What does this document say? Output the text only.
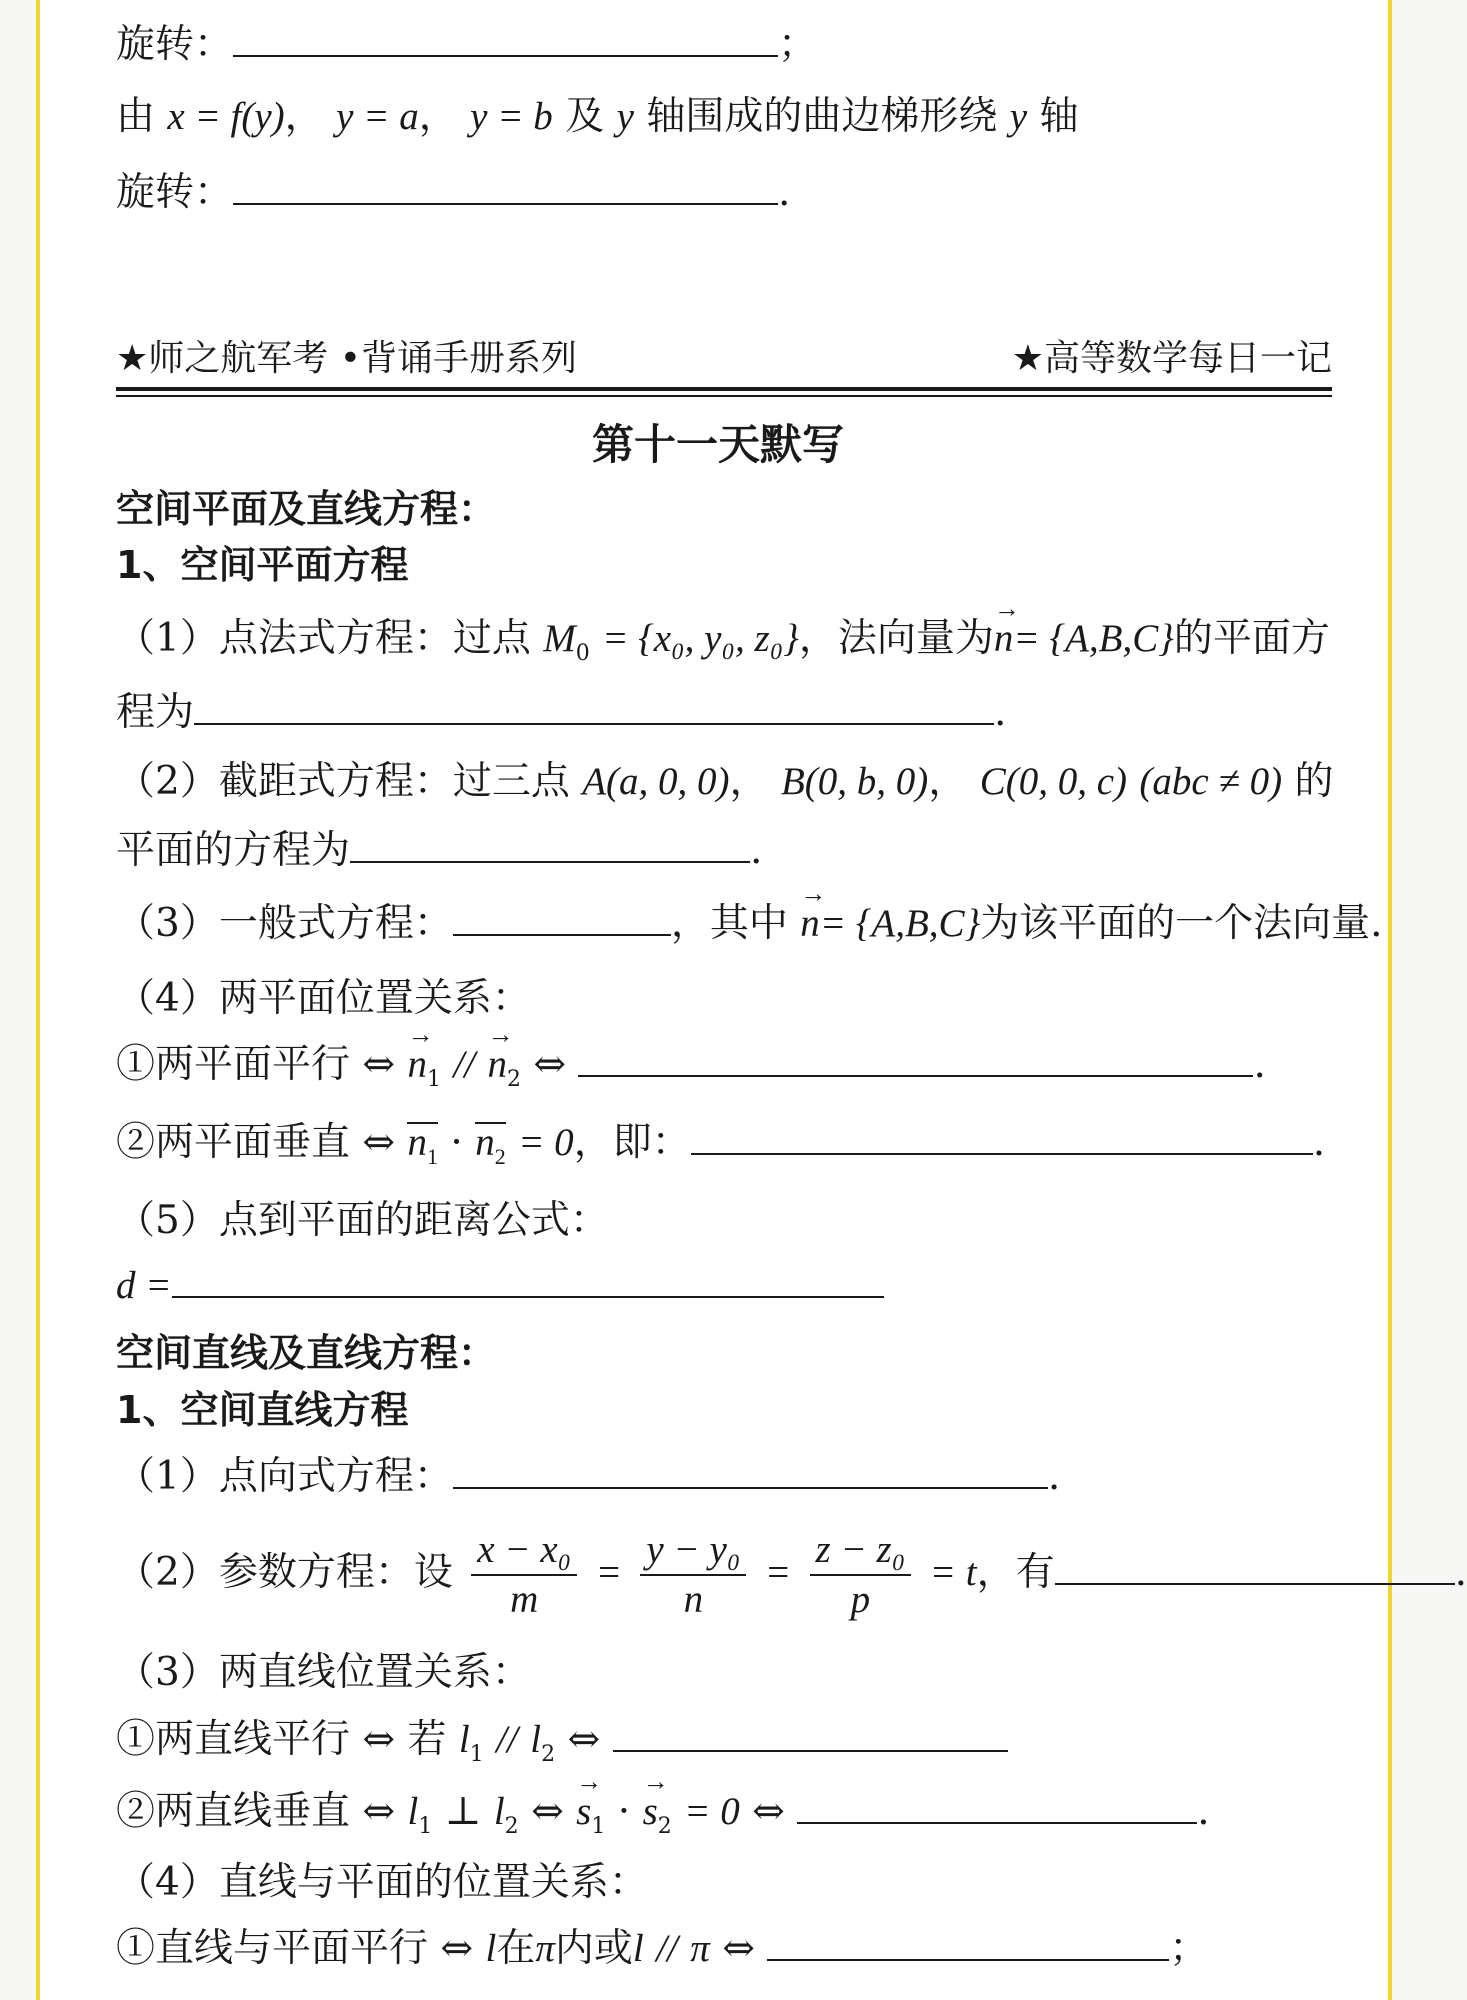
旋转：	；
由 x = f(y)， y = a， y = b 及 y 轴围成的曲边梯形绕 y 轴
旋转：	.
★师之航军考 •背诵手册系列	★高等数学每日一记
第十一天默写
空间平面及直线方程：
1、空间平面方程
（1）点法式方程：过点 $M_0 = \{x_0$, y₀, z₀}，法向量为→ n= {A,B,C}的平面方
程为	.
（2）截距式方程：过三点 A(a, 0, 0)， B(0, b, 0)， C(0, 0, c) (abc ≠ 0) 的
平面的方程为	.
（3）一般式方程：	，其中 → n= {A,B,C}为该平面的一个法向量.
（4）两平面位置关系：
①两平面平行 ⇔ → $n_1$ // → $n_2$ ⇔	.
②两平面垂直 ⇔ $n_1 \cdot n_2 = 0$，即：	.
（5）点到平面的距离公式：
d =
空间直线及直线方程：
1、空间直线方程
（1）点向式方程：	.
（2）参数方程：设 $\frac{\text{x − x₀}}{m} = \frac{\text{y − y₀}}{n} = \frac{\text{z − z₀}}{p} = t$，有	.
（3）两直线位置关系：
①两直线平行 ⇔ 若 $l_1 // l_2$ ⇔
②两直线垂直 ⇔ $l_1$ ⊥ $l_2$ ⇔ → $s_1$ · → $s_2 = 0$ ⇔	.
（4）直线与平面的位置关系：
①直线与平面平行 ⇔ l在π内或l // π ⇔	；
